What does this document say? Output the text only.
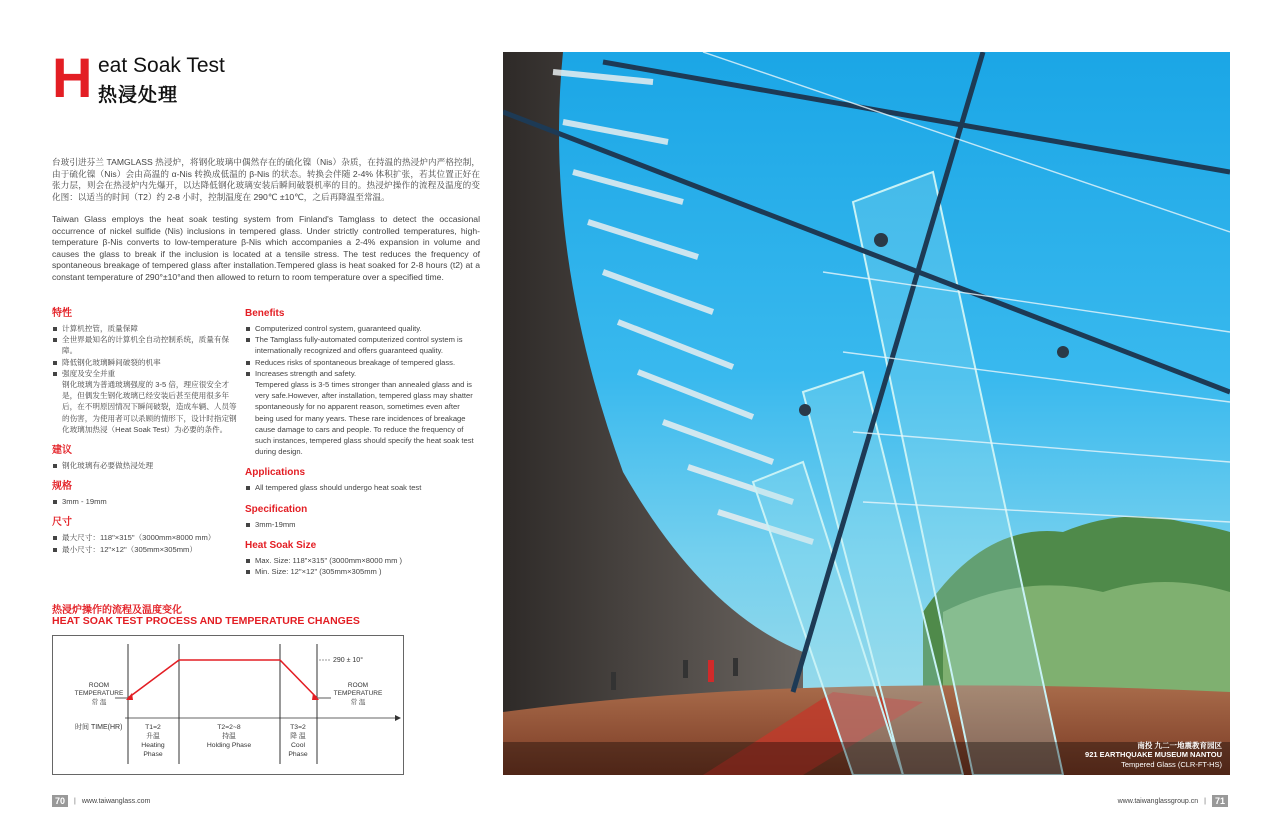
H eat Soak Test
热浸处理

台玻引进芬兰 TAMGLASS 热浸炉，将钢化玻璃中偶然存在的硫化镍（Nis）杂质，在持温的热浸炉内严格控制，由于硫化镍（Nis）会由高温的 α-Nis 转换成低温的 β-Nis 的状态。转换会伴随 2-4% 体积扩张，若其位置正好在张力层，则会在热浸炉内先爆开，以达降低钢化玻璃安装后瞬间破裂机率的目的。热浸炉操作的流程及温度的变化图：以适当的时间（T2）约 2-8 小时，控制温度在 290℃ ±10℃，之后再降温至常温。

Taiwan Glass employs the heat soak testing system from Finland's Tamglass to detect the occasional occurrence of nickel sulfide (Nis) inclusions in tempered glass. Under strictly controlled temperatures, high-temperature β-Nis converts to low-temperature β-Nis which accompanies a 2-4% expansion in volume and causes the glass to break if the inclusion is located at a tensile stress. The test reduces the frequency of spontaneous breakage of tempered glass after installation.Tempered glass is heat soaked for 2-8 hours (t2) at a constant temperature of 290°±10°and then allowed to return to room temperature over a specified time.

特性
计算机控管，质量保障
全世界最知名的计算机全自动控制系统，质量有保障。
降低钢化玻璃瞬间破裂的机率
强度及安全并重

钢化玻璃为普通玻璃强度的 3-5 倍，理应很安全才是，但偶发生钢化玻璃已经安装后甚至使用很多年后，在不明原因情况下瞬间破裂，造成车辆、人员等的伤害，为使用者可以杀顾的情形下，设计时指定钢化玻璃加热浸（Heat Soak Test）为必要的条件。

建议
钢化玻璃有必要做热浸处理
规格
3mm - 19mm
尺寸
最大尺寸：118"×315"（3000mm×8000 mm）
最小尺寸：12"×12"（305mm×305mm）
Benefits
Computerized control system, guaranteed quality.
The Tamglass fully-automated computerized control system is internationally recognized and offers guaranteed quality.
Reduces risks of spontaneous breakage of tempered glass.
Increases strength and safety.

Tempered glass is 3-5 times stronger than annealed glass and is very safe.However, after installation, tempered glass may shatter spontaneously for no apparent reason, sometimes even after being used for many years. These rare incidences of breakage cause damage to cars and people. To reduce the frequency of such instances, tempered glass should specify the heat soak test during design.

Applications
All tempered glass should undergo heat soak test
Specification
3mm-19mm
Heat Soak Size
Max. Size: 118"×315" (3000mm×8000 mm )
Min. Size: 12"×12" (305mm×305mm )
热浸炉操作的流程及温度变化
HEAT SOAK TEST PROCESS AND TEMPERATURE CHANGES
290 ± 10°
ROOM
TEMPERATURE
常 温
ROOM
TEMPERATURE
常 温
时间 TIME(HR)	T1=2
升温
Heating
Phase
T2=2~8
持温
Holding Phase
T3=2
降 温
Cool
Phase
70	| www.taiwanglass.com
南投 九二一地震教育园区
921 EARTHQUAKE MUSEUM NANTOU
Tempered Glass (CLR-FT-HS)
www.taiwanglassgroup.cn |	71
